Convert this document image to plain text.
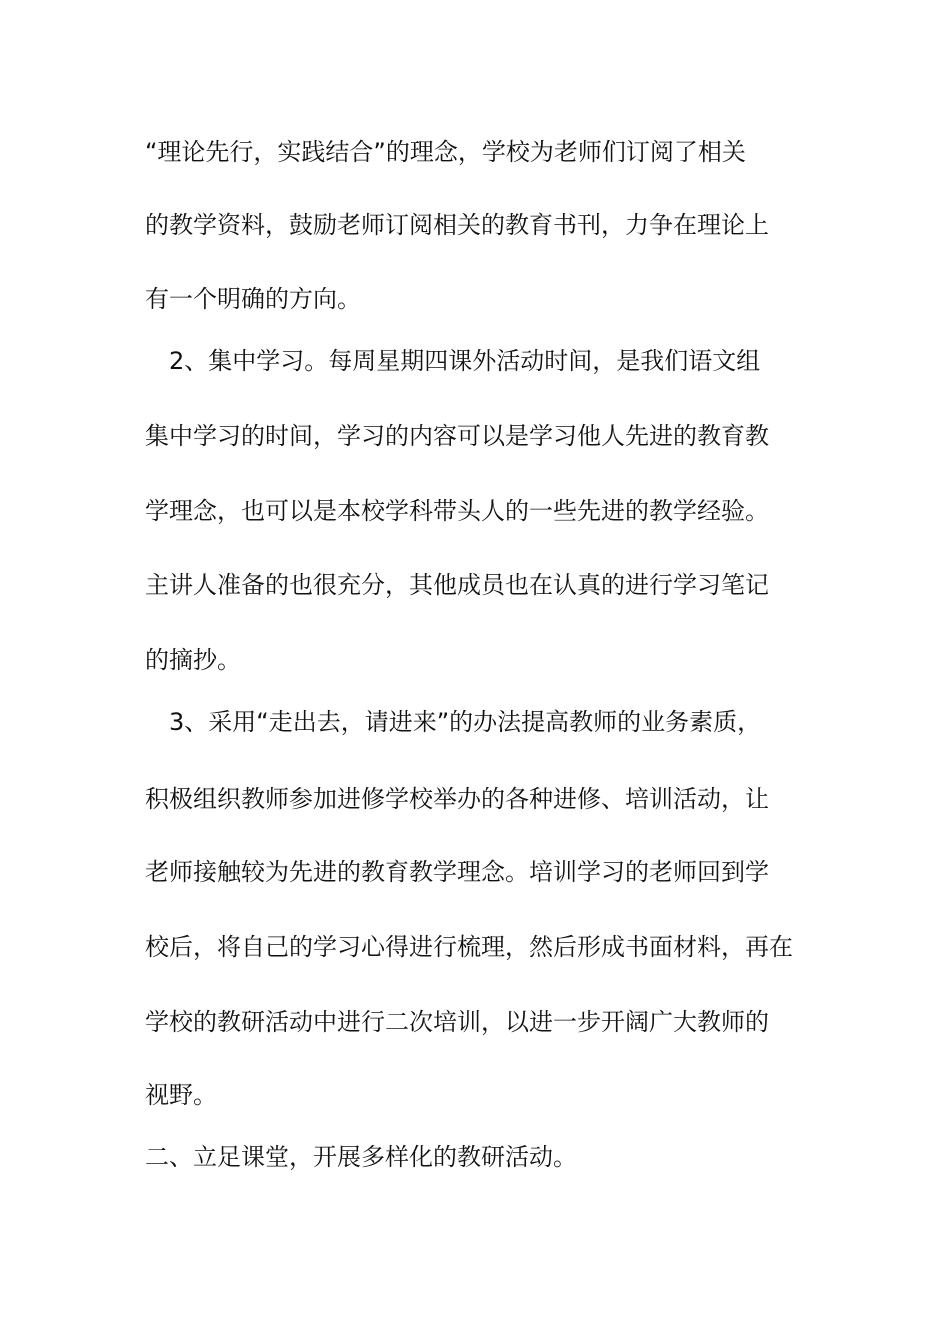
“理论先行，实践结合”的理念，学校为老师们订阅了相关
的教学资料，鼓励老师订阅相关的教育书刊，力争在理论上
有一个明确的方向。
　2、集中学习。每周星期四课外活动时间，是我们语文组
集中学习的时间，学习的内容可以是学习他人先进的教育教
学理念，也可以是本校学科带头人的一些先进的教学经验。
主讲人准备的也很充分，其他成员也在认真的进行学习笔记
的摘抄。
　3、采用“走出去，请进来”的办法提高教师的业务素质，
积极组织教师参加进修学校举办的各种进修、培训活动，让
老师接触较为先进的教育教学理念。培训学习的老师回到学
校后，将自己的学习心得进行梳理，然后形成书面材料，再在
学校的教研活动中进行二次培训，以进一步开阔广大教师的
视野。
二、立足课堂，开展多样化的教研活动。
